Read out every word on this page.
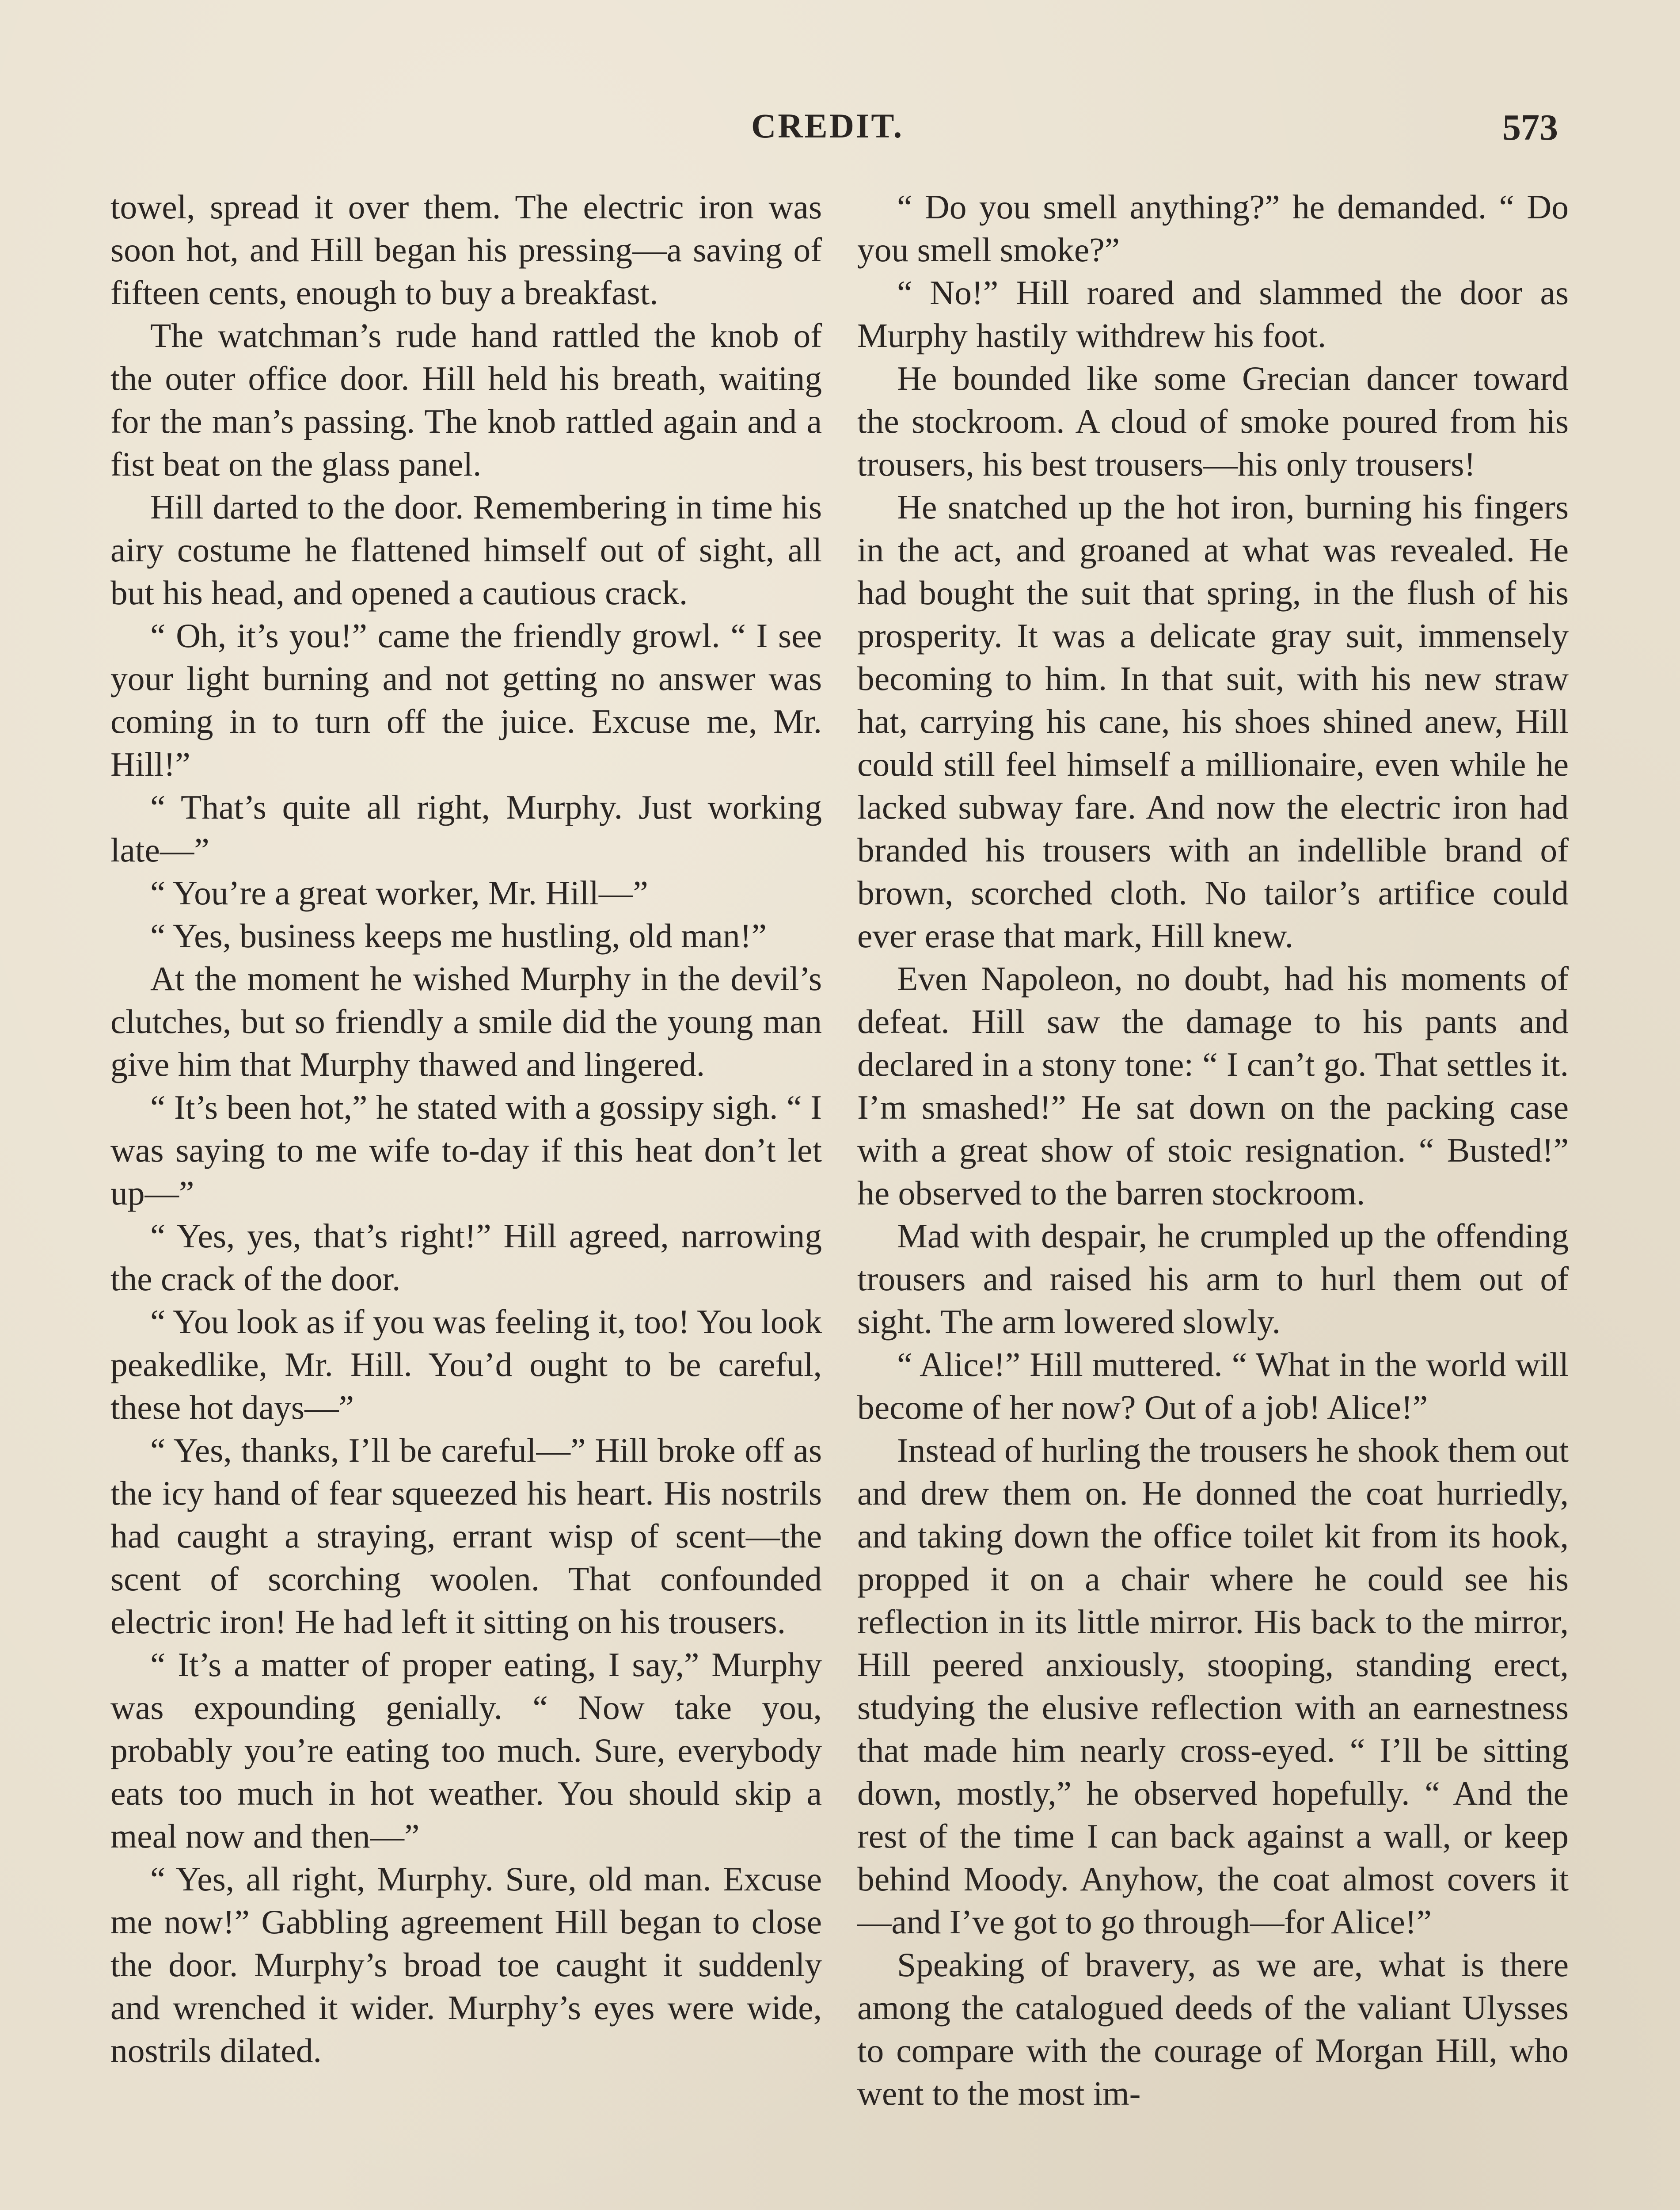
CREDIT.	573

towel, spread it over them. The electric iron was soon hot, and Hill began his pressing—a saving of fifteen cents, enough to buy a breakfast.

The watchman’s rude hand rattled the knob of the outer office door. Hill held his breath, waiting for the man’s passing. The knob rattled again and a fist beat on the glass panel.

Hill darted to the door. Remembering in time his airy costume he flattened himself out of sight, all but his head, and opened a cautious crack.

“ Oh, it’s you!” came the friendly growl. “ I see your light burning and not getting no answer was coming in to turn off the juice. Excuse me, Mr. Hill!”

“ That’s quite all right, Murphy. Just working late—”

“ You’re a great worker, Mr. Hill—”

“ Yes, business keeps me hustling, old man!”

At the moment he wished Murphy in the devil’s clutches, but so friendly a smile did the young man give him that Murphy thawed and lingered.

“ It’s been hot,” he stated with a gossipy sigh. “ I was saying to me wife to-day if this heat don’t let up—”

“ Yes, yes, that’s right!” Hill agreed, narrowing the crack of the door.

“ You look as if you was feeling it, too! You look peakedlike, Mr. Hill. You’d ought to be careful, these hot days—”

“ Yes, thanks, I’ll be careful—” Hill broke off as the icy hand of fear squeezed his heart. His nostrils had caught a straying, errant wisp of scent—the scent of scorching woolen. That confounded electric iron! He had left it sitting on his trousers.

“ It’s a matter of proper eating, I say,” Murphy was expounding genially. “ Now take you, probably you’re eating too much. Sure, everybody eats too much in hot weather. You should skip a meal now and then—”

“ Yes, all right, Murphy. Sure, old man. Excuse me now!” Gabbling agreement Hill began to close the door. Murphy’s broad toe caught it suddenly and wrenched it wider. Murphy’s eyes were wide, nostrils dilated.

“ Do you smell anything?” he demanded. “ Do you smell smoke?”

“ No!” Hill roared and slammed the door as Murphy hastily withdrew his foot.

He bounded like some Grecian dancer toward the stockroom. A cloud of smoke poured from his trousers, his best trousers—his only trousers!

He snatched up the hot iron, burning his fingers in the act, and groaned at what was revealed. He had bought the suit that spring, in the flush of his prosperity. It was a delicate gray suit, immensely becoming to him. In that suit, with his new straw hat, carrying his cane, his shoes shined anew, Hill could still feel himself a millionaire, even while he lacked subway fare. And now the electric iron had branded his trousers with an indellible brand of brown, scorched cloth. No tailor’s artifice could ever erase that mark, Hill knew.

Even Napoleon, no doubt, had his moments of defeat. Hill saw the damage to his pants and declared in a stony tone: “ I can’t go. That settles it. I’m smashed!” He sat down on the packing case with a great show of stoic resignation. “ Busted!” he observed to the barren stockroom.

Mad with despair, he crumpled up the offending trousers and raised his arm to hurl them out of sight. The arm lowered slowly.

“ Alice!” Hill muttered. “ What in the world will become of her now? Out of a job! Alice!”

Instead of hurling the trousers he shook them out and drew them on. He donned the coat hurriedly, and taking down the office toilet kit from its hook, propped it on a chair where he could see his reflection in its little mirror. His back to the mirror, Hill peered anxiously, stooping, standing erect, studying the elusive reflection with an earnestness that made him nearly cross-eyed. “ I’ll be sitting down, mostly,” he observed hopefully. “ And the rest of the time I can back against a wall, or keep behind Moody. Anyhow, the coat almost covers it—and I’ve got to go through—for Alice!”

Speaking of bravery, as we are, what is there among the catalogued deeds of the valiant Ulysses to compare with the courage of Morgan Hill, who went to the most im-
